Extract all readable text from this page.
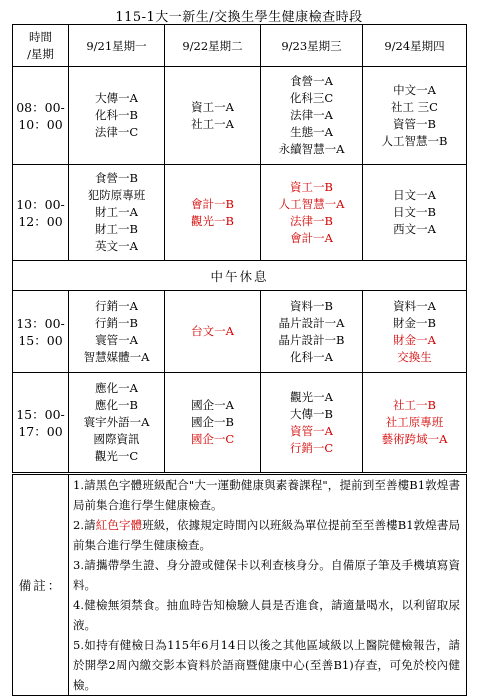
115-1大一新生/交換生學生健康檢查時段
時間
/星期	9/21星期一	9/22星期二	9/23星期三	9/24星期四

08：00-
10：00	大傳一A
化科一B
法律一C	資工一A
社工一A	食營一A
化科三C
法律一A
生態一A
永續智慧一A	中文一A
社工 三C
資管一B
人工智慧一B

10：00-
12：00	食營一B
犯防原專班
財工一A
財工一B
英文一A	會計一B
觀光一B	資工一B
人工智慧一A
法律一B
會計一A	日文一A
日文一B
西文一A

中午休息				

13：00-
15：00	行銷一A
行銷一B
寰管一A
智慧媒體一A	台文一A	資料一B
晶片設計一A
晶片設計一B
化科一A	資料一A
財金一B
財金一A
交換生

15：00-
17：00	應化一A
應化一B
寰宇外語一A
國際資訊
觀光一C	國企一A
國企一B
國企一C	觀光一A
大傳一B
資管一A
行銷一C	社工一B
社工原專班
藝術跨域一A
備註：	
1.請黑色字體班級配合"大一運動健康與素養課程"，提前到至善樓B1敦煌書局前集合進行學生健康檢查。
2.請紅色字體班級，依據規定時間內以班級為單位提前至至善樓B1敦煌書局前集合進行學生健康檢查。
3.請攜帶學生證、身分證或健保卡以利查核身分。自備原子筆及手機填寫資料。
4.健檢無須禁食。抽血時告知檢驗人員是否進食，請適量喝水，以利留取尿液。
5.如持有健檢日為115年6月14日以後之其他區域級以上醫院健檢報告，請於開學2周內繳交影本資料於語商暨健康中心(至善B1)存查，可免於校內健檢。
